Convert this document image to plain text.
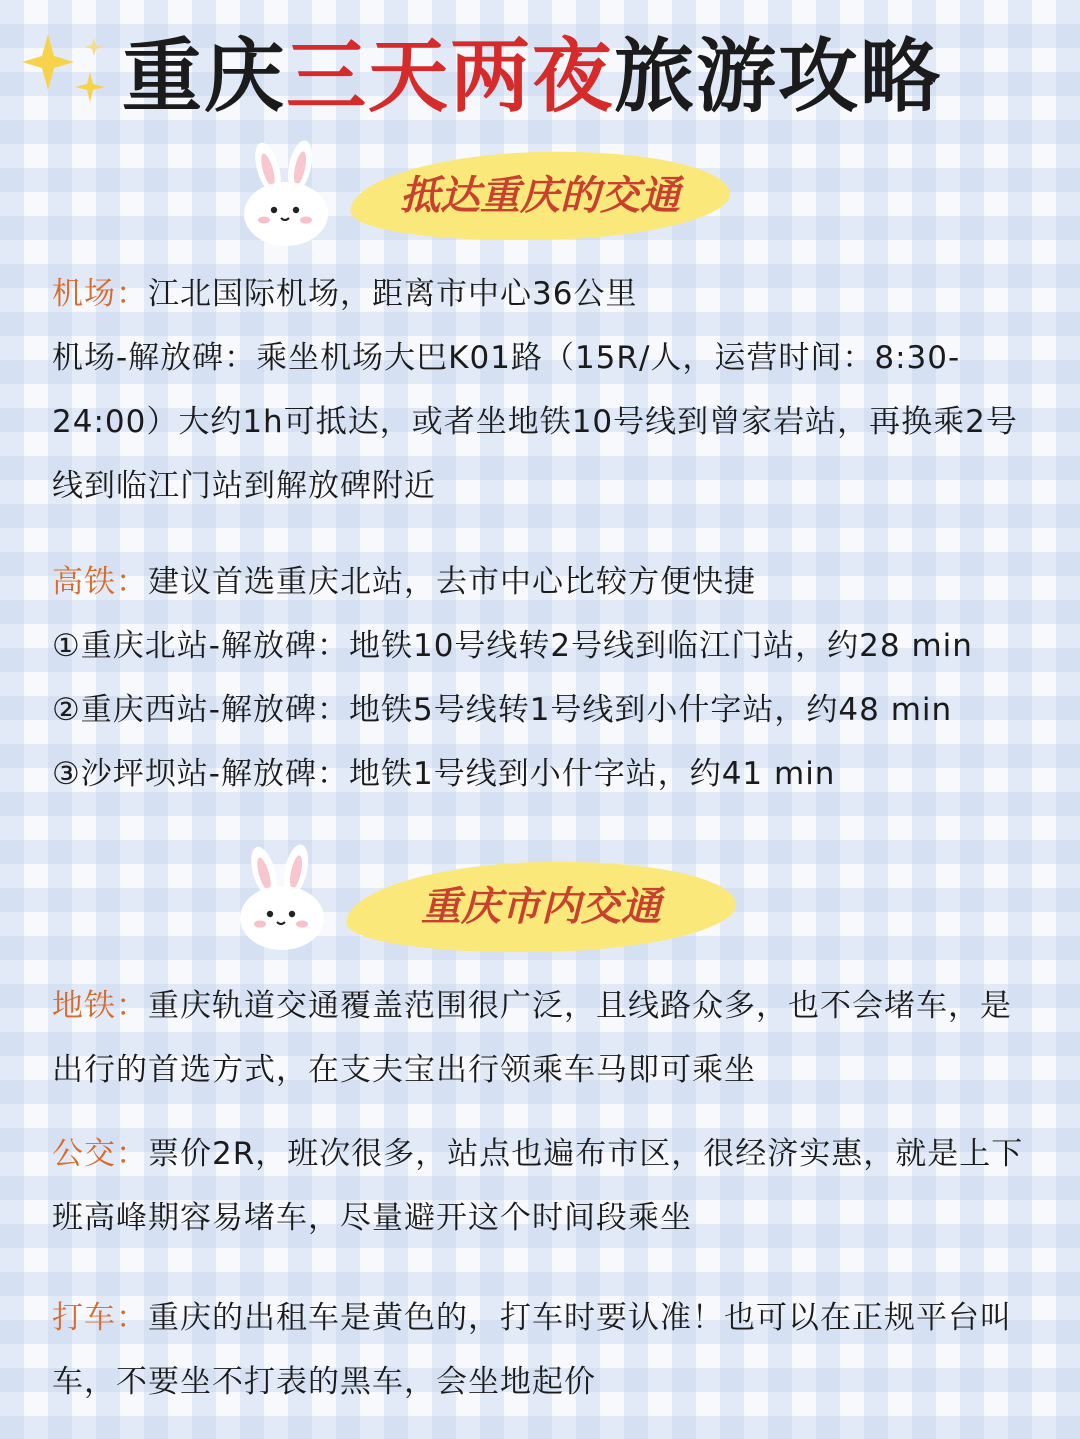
重庆三天两夜旅游攻略
抵达重庆的交通
机场：江北国际机场，距离市中心36公里
机场-解放碑：乘坐机场大巴K01路（15R/人，运营时间：8:30-24:00）大约1h可抵达，或者坐地铁10号线到曾家岩站，再换乘2号线到临江门站到解放碑附近
高铁：建议首选重庆北站，去市中心比较方便快捷
①重庆北站-解放碑：地铁10号线转2号线到临江门站，约28 min
②重庆西站-解放碑：地铁5号线转1号线到小什字站，约48 min
③沙坪坝站-解放碑：地铁1号线到小什字站，约41 min
重庆市内交通
地铁：重庆轨道交通覆盖范围很广泛，且线路众多，也不会堵车，是出行的首选方式，在支夫宝出行领乘车马即可乘坐
公交：票价2R，班次很多，站点也遍布市区，很经济实惠，就是上下班高峰期容易堵车，尽量避开这个时间段乘坐
打车：重庆的出租车是黄色的，打车时要认准！也可以在正规平台叫车，不要坐不打表的黑车，会坐地起价
